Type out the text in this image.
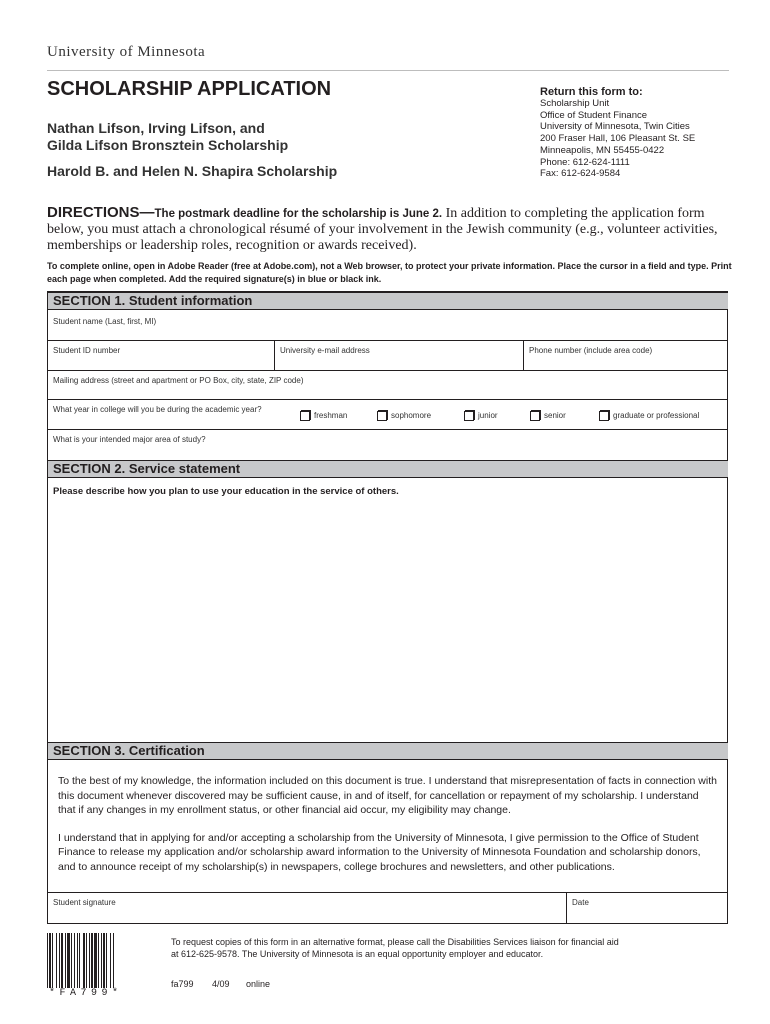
University of Minnesota
SCHOLARSHIP APPLICATION
Nathan Lifson, Irving Lifson, and
Gilda Lifson Bronsztein Scholarship
Harold B. and Helen N. Shapira Scholarship
Return this form to:
Scholarship Unit
Office of Student Finance
University of Minnesota, Twin Cities
200 Fraser Hall, 106 Pleasant St. SE
Minneapolis, MN 55455-0422
Phone: 612-624-1111
Fax: 612-624-9584
DIRECTIONS—The postmark deadline for the scholarship is June 2. In addition to completing the application form below, you must attach a chronological résumé of your involvement in the Jewish community (e.g., volunteer activities, memberships or leadership roles, recognition or awards received).
To complete online, open in Adobe Reader (free at Adobe.com), not a Web browser, to protect your private information. Place the cursor in a field and type. Print each page when completed. Add the required signature(s) in blue or black ink.
SECTION 1. Student information
Student name (Last, first, MI)
Student ID number	University e-mail address	Phone number (include area code)
Mailing address (street and apartment or PO Box, city, state, ZIP code)
What year in college will you be during the academic year?
freshman	sophomore	junior	senior	graduate or professional
What is your intended major area of study?
SECTION 2. Service statement
Please describe how you plan to use your education in the service of others.
SECTION 3. Certification

To the best of my knowledge, the information included on this document is true. I understand that misrepresentation of facts in connection with this document whenever discovered may be sufficient cause, in and of itself, for cancellation or repayment of my scholarship. I understand that if any changes in my enrollment status, or other financial aid occur, my eligibility may change.

I understand that in applying for and/or accepting a scholarship from the University of Minnesota, I give permission to the Office of Student Finance to release my application and/or scholarship award information to the University of Minnesota Foundation and scholarship donors, and to announce receipt of my scholarship(s) in newspapers, college brochures and newsletters, and other publications.

Student signature	Date
*FA799*
To request copies of this form in an alternative format, please call the Disabilities Services liaison for financial aid at 612-625-9578. The University of Minnesota is an equal opportunity employer and educator.
fa799 4/09 online
